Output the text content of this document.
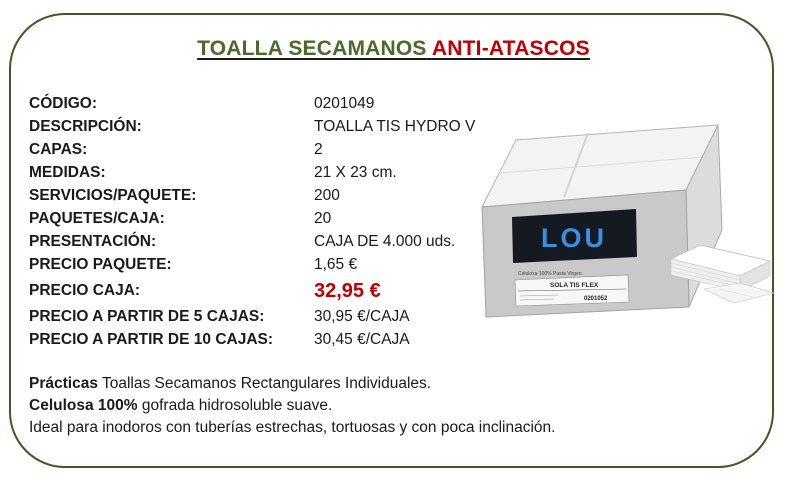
TOALLA SECAMANOS ANTI-ATASCOS
CÓDIGO:	0201049
DESCRIPCIÓN:	TOALLA TIS HYDRO V
CAPAS:	2
MEDIDAS:	21 X 23 cm.
SERVICIOS/PAQUETE:	200
PAQUETES/CAJA:	20
PRESENTACIÓN:	CAJA DE 4.000 uds.
PRECIO PAQUETE:	1,65 €
PRECIO CAJA:	32,95 €
PRECIO A PARTIR DE 5 CAJAS:	30,95 €/CAJA
PRECIO A PARTIR DE 10 CAJAS:	30,45 €/CAJA
Prácticas Toallas Secamanos Rectangulares Individuales.
Celulosa 100% gofrada hidrosoluble suave.
Ideal para inodoros con tuberías estrechas, tortuosas y con poca inclinación.
LOU
Celulosa 100% Pasta Virgen
SOLA TIS FLEX
0201052
